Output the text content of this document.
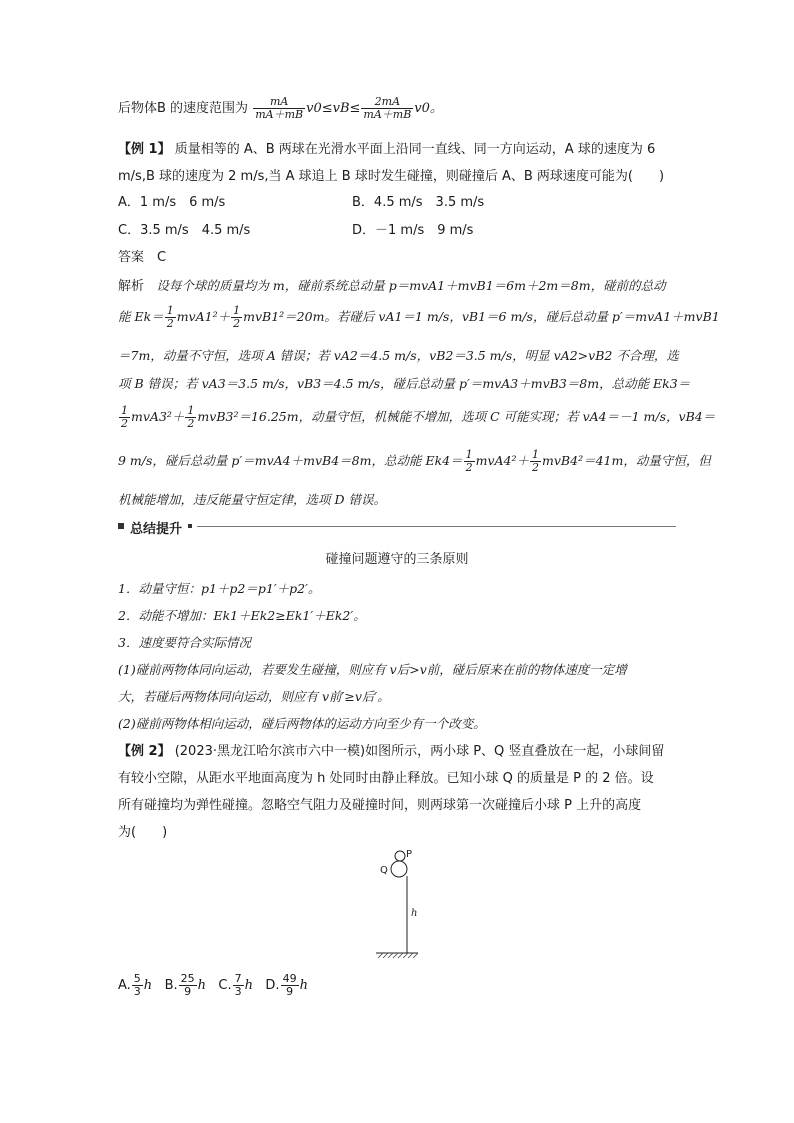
后物体B 的速度范围为 $\frac{mA}{mA+mB} v0\le vB\le \frac{2mA}{mA+mB} v0$。
【例 1】 质量相等的 A、B 两球在光滑水平面上沿同一直线、同一方向运动，A 球的速度为 6
m/s,B 球的速度为 2 m/s,当 A 球追上 B 球时发生碰撞，则碰撞后 A、B 两球速度可能为(　　)
A．1 m/s　6 m/s	B．4.5 m/s　3.5 m/s
C．3.5 m/s　4.5 m/s	D．－1 m/s　9 m/s
答案　C
解析 设每个球的质量均为 m，碰前系统总动量 p＝mvA1＋mvB1＝6m＋2m＝8m，碰前的总动
能 $Ek= \frac{1}{2} mvA1^2+ \frac{1}{2} mvB1^2=20m$。若碰后 vA1＝1 m/s，vB1＝6 m/s，碰后总动量 p′＝mvA1＋mvB1
＝7m，动量不守恒，选项 A 错误；若 vA2＝4.5 m/s，vB2＝3.5 m/s，明显 vA2>vB2 不合理，选
项 B 错误；若 vA3＝3.5 m/s，vB3＝4.5 m/s，碰后总动量 p′＝mvA3＋mvB3＝8m，总动能 Ek3＝
$\frac{1}{2} mvA3^2+ \frac{1}{2} mvB3^2=16.25m$，动量守恒，机械能不增加，选项 C 可能实现；若 vA4＝－1 m/s，vB4＝
9 m/s，碰后总动量 p′＝mvA4＋mvB4＝8m，总动能 $Ek4= \frac{1}{2} mvA4^2+ \frac{1}{2} mvB4^2=41m$，动量守恒，但
机械能增加，违反能量守恒定律，选项 D 错误。
总结提升
碰撞问题遵守的三条原则
1．动量守恒：p1＋p2＝p1′＋p2′。
2．动能不增加：Ek1＋Ek2≥Ek1′＋Ek2′。
3．速度要符合实际情况
(1)碰前两物体同向运动，若要发生碰撞，则应有 v后>v前，碰后原来在前的物体速度一定增
大，若碰后两物体同向运动，则应有 v前′≥v后′。
(2)碰前两物体相向运动，碰后两物体的运动方向至少有一个改变。
【例 2】 (2023·黑龙江哈尔滨市六中一模)如图所示，两小球 P、Q 竖直叠放在一起，小球间留
有较小空隙，从距水平地面高度为 h 处同时由静止释放。已知小球 Q 的质量是 P 的 2 倍。设
所有碰撞均为弹性碰撞。忽略空气阻力及碰撞时间，则两球第一次碰撞后小球 P 上升的高度
为(　　)
P
Q
h
A. $\frac{5}{3}$ h B. $\frac{25}{9}$ h C. $\frac{7}{3}$ h D. $\frac{49}{9}$ h
